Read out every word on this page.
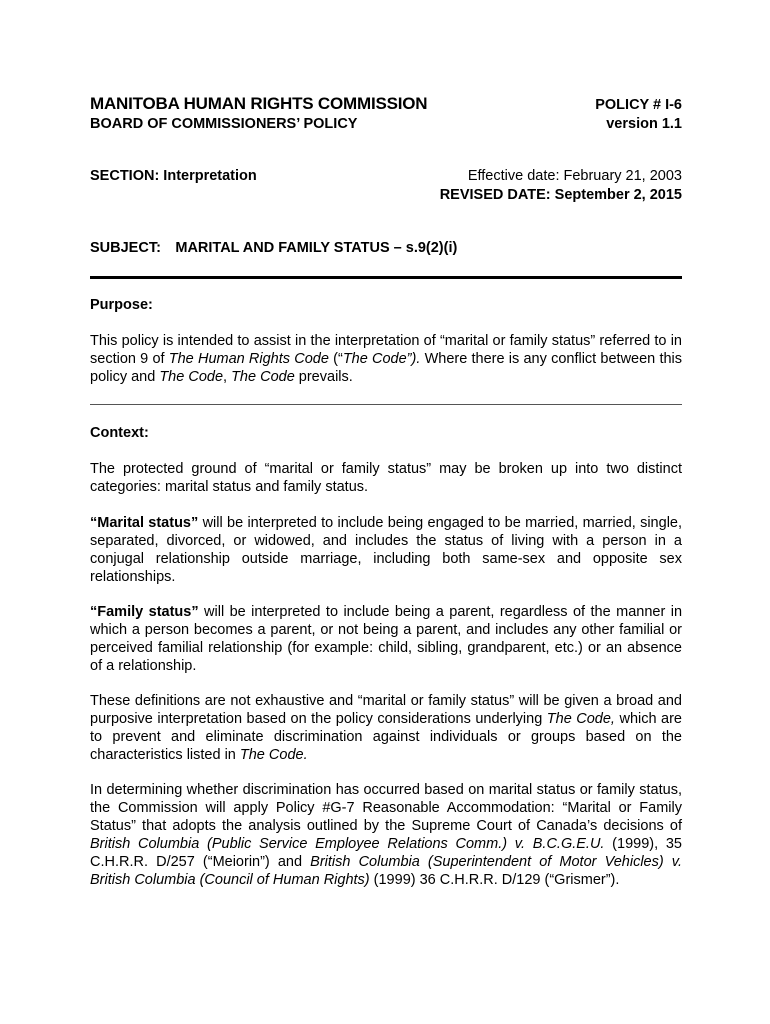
MANITOBA HUMAN RIGHTS COMMISSION	POLICY # I-6
BOARD OF COMMISSIONERS’ POLICY	version 1.1
SECTION: Interpretation	Effective date: February 21, 2003
REVISED DATE: September 2, 2015
SUBJECT: MARITAL AND FAMILY STATUS – s.9(2)(i)
Purpose:
This policy is intended to assist in the interpretation of “marital or family status” referred to in section 9 of The Human Rights Code (“The Code”). Where there is any conflict between this policy and The Code, The Code prevails.
Context:
The protected ground of “marital or family status” may be broken up into two distinct categories: marital status and family status.
“Marital status” will be interpreted to include being engaged to be married, married, single, separated, divorced, or widowed, and includes the status of living with a person in a conjugal relationship outside marriage, including both same-sex and opposite sex relationships.
“Family status” will be interpreted to include being a parent, regardless of the manner in which a person becomes a parent, or not being a parent, and includes any other familial or perceived familial relationship (for example: child, sibling, grandparent, etc.) or an absence of a relationship.
These definitions are not exhaustive and “marital or family status” will be given a broad and purposive interpretation based on the policy considerations underlying The Code, which are to prevent and eliminate discrimination against individuals or groups based on the characteristics listed in The Code.
In determining whether discrimination has occurred based on marital status or family status, the Commission will apply Policy #G-7 Reasonable Accommodation: “Marital or Family Status” that adopts the analysis outlined by the Supreme Court of Canada’s decisions of British Columbia (Public Service Employee Relations Comm.) v. B.C.G.E.U. (1999), 35 C.H.R.R. D/257 (“Meiorin”) and British Columbia (Superintendent of Motor Vehicles) v. British Columbia (Council of Human Rights) (1999) 36 C.H.R.R. D/129 (“Grismer”).
